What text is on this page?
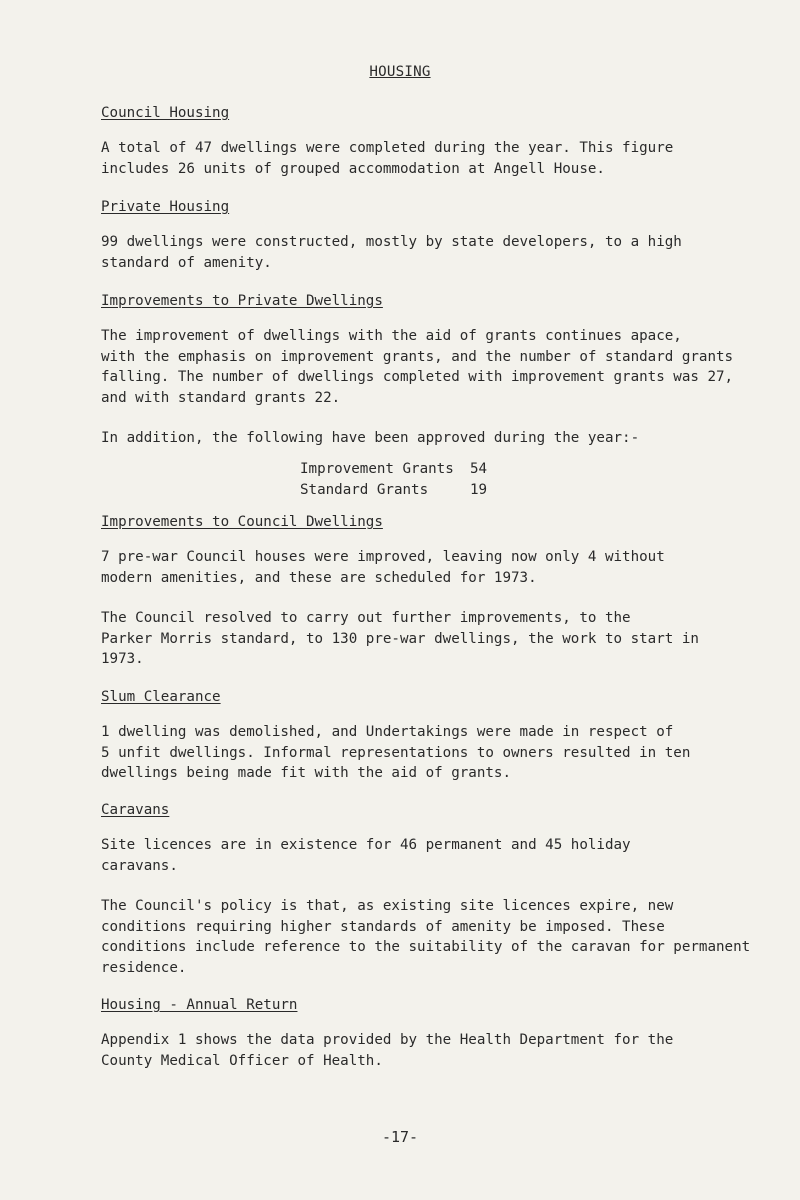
HOUSING
Council Housing
A total of 47 dwellings were completed during the year. This figure
includes 26 units of grouped accommodation at Angell House.
Private Housing
99 dwellings were constructed, mostly by state developers, to a high
standard of amenity.
Improvements to Private Dwellings
The improvement of dwellings with the aid of grants continues apace,
with the emphasis on improvement grants, and the number of standard grants
falling. The number of dwellings completed with improvement grants was 27,
and with standard grants 22.
In addition, the following have been approved during the year:-
Improvement Grants	54
Standard Grants	19
Improvements to Council Dwellings
7 pre-war Council houses were improved, leaving now only 4 without
modern amenities, and these are scheduled for 1973.
The Council resolved to carry out further improvements, to the
Parker Morris standard, to 130 pre-war dwellings, the work to start in
1973.
Slum Clearance
1 dwelling was demolished, and Undertakings were made in respect of
5 unfit dwellings. Informal representations to owners resulted in ten
dwellings being made fit with the aid of grants.
Caravans
Site licences are in existence for 46 permanent and 45 holiday
caravans.
The Council's policy is that, as existing site licences expire, new
conditions requiring higher standards of amenity be imposed. These
conditions include reference to the suitability of the caravan for permanent
residence.
Housing - Annual Return
Appendix 1 shows the data provided by the Health Department for the
County Medical Officer of Health.
-17-
